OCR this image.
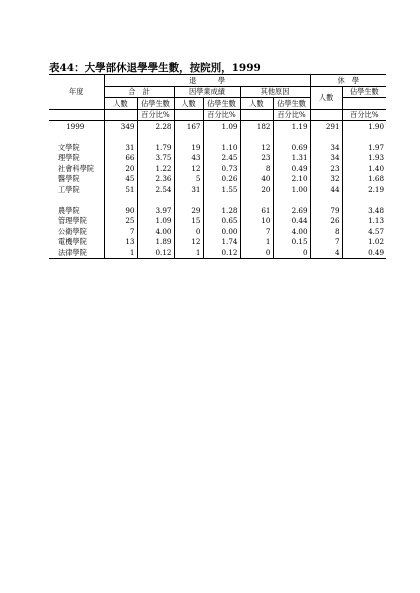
表44：大學部休退學學生數，按院別，1999
年度	退　　　學						休　學	
	合　計		因學業成績		其他原因		人數	佔學生數
	人數	佔學生數	人數	佔學生數	人數	佔學生數		
		百分比%		百分比%		百分比%		百分比%
1999	349	2.28	167	1.09	182	1.19	291	1.90

文學院	31	1.79	19	1.10	12	0.69	34	1.97
理學院	66	3.75	43	2.45	23	1.31	34	1.93
社會科學院	20	1.22	12	0.73	8	0.49	23	1.40
醫學院	45	2.36	5	0.26	40	2.10	32	1.68
工學院	51	2.54	31	1.55	20	1.00	44	2.19

農學院	90	3.97	29	1.28	61	2.69	79	3.48
管理學院	25	1.09	15	0.65	10	0.44	26	1.13
公衛學院	7	4.00	0	0.00	7	4.00	8	4.57
電機學院	13	1.89	12	1.74	1	0.15	7	1.02
法律學院	1	0.12	1	0.12	0	0	4	0.49
